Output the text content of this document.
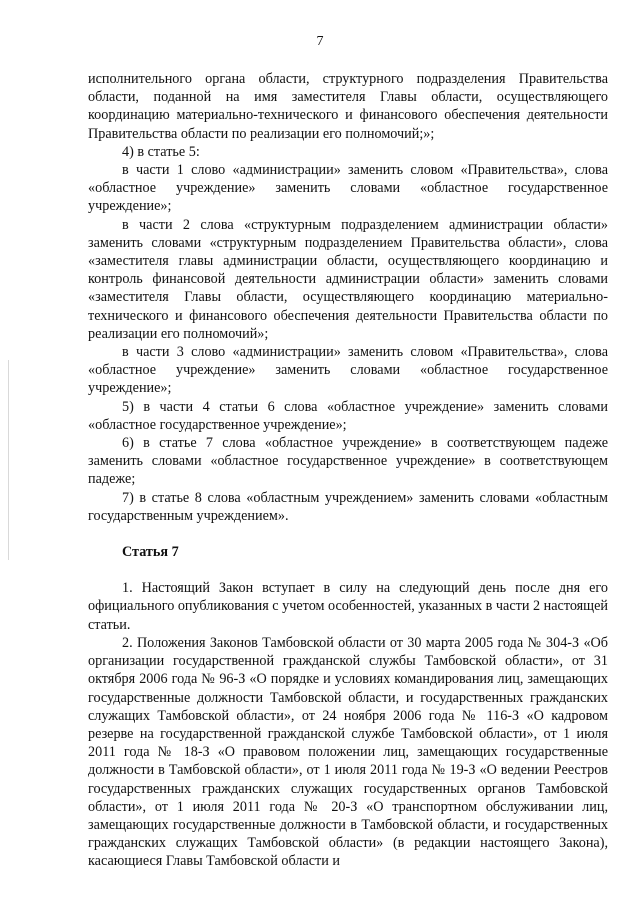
7

исполнительного органа области, структурного подразделения Правительства области, поданной на имя заместителя Главы области, осуществляющего координацию материально-технического и финансового обеспечения деятельности Правительства области по реализации его полномочий;»;

4) в статье 5:

в части 1 слово «администрации» заменить словом «Правительства», слова «областное учреждение» заменить словами «областное государственное учреждение»;

в части 2 слова «структурным подразделением администрации области» заменить словами «структурным подразделением Правительства области», слова «заместителя главы администрации области, осуществляющего координацию и контроль финансовой деятельности администрации области» заменить словами «заместителя Главы области, осуществляющего координацию материально-технического и финансового обеспечения деятельности Правительства области по реализации его полномочий»;

в части 3 слово «администрации» заменить словом «Правительства», слова «областное учреждение» заменить словами «областное государственное учреждение»;

5) в части 4 статьи 6 слова «областное учреждение» заменить словами «областное государственное учреждение»;

6) в статье 7 слова «областное учреждение» в соответствующем падеже заменить словами «областное государственное учреждение» в соответствующем падеже;

7) в статье 8 слова «областным учреждением» заменить словами «областным государственным учреждением».

Статья 7

1. Настоящий Закон вступает в силу на следующий день после дня его официального опубликования с учетом особенностей, указанных в части 2 настоящей статьи.

2. Положения Законов Тамбовской области от 30 марта 2005 года № 304-З «Об организации государственной гражданской службы Тамбовской области», от 31 октября 2006 года № 96-З «О порядке и условиях командирования лиц, замещающих государственные должности Тамбовской области, и государственных гражданских служащих Тамбовской области», от 24 ноября 2006 года № 116-З «О кадровом резерве на государственной гражданской службе Тамбовской области», от 1 июля 2011 года № 18-З «О правовом положении лиц, замещающих государственные должности в Тамбовской области», от 1 июля 2011 года № 19-З «О ведении Реестров государственных гражданских служащих государственных органов Тамбовской области», от 1 июля 2011 года № 20-З «О транспортном обслуживании лиц, замещающих государственные должности в Тамбовской области, и государственных гражданских служащих Тамбовской области» (в редакции настоящего Закона), касающиеся Главы Тамбовской области и
